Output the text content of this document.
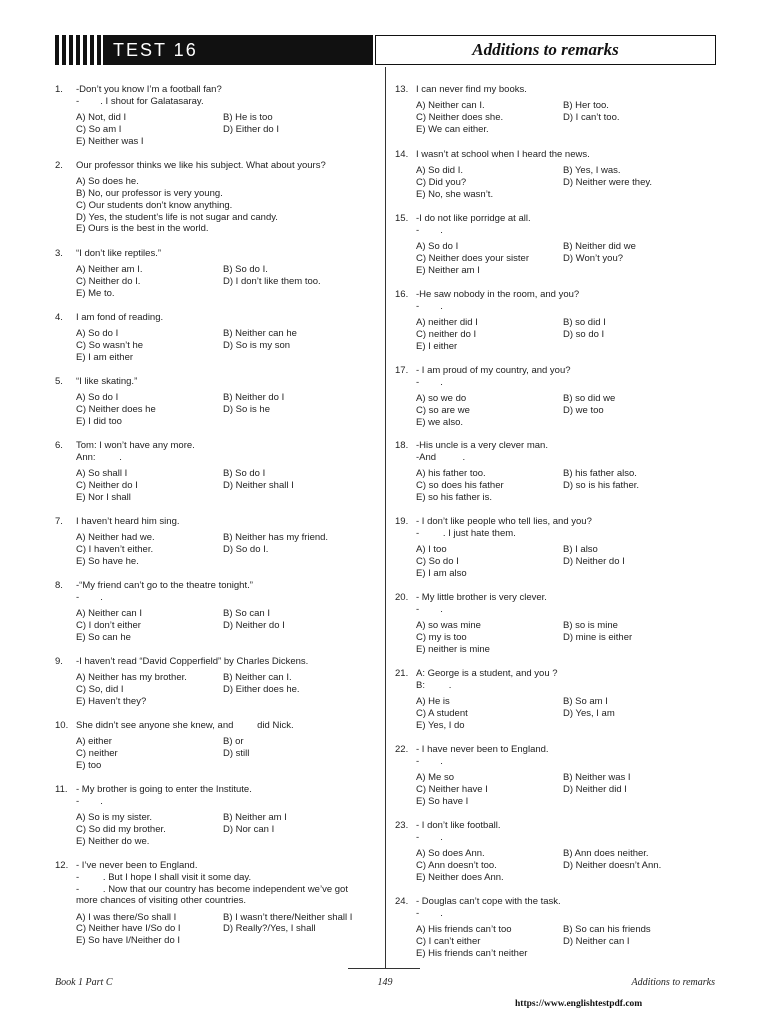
TEST 16	Additions to remarks
1. -Don’t you know I’m a football fan?
-        . I shout for Galatasaray.
A) Not, did I	B) He is too
C) So am I	D) Either do I
E) Neither was I
2. Our professor thinks we like his subject. What about yours?
A) So does he.
B) No, our professor is very young.
C) Our students don’t know anything.
D) Yes, the student’s life is not sugar and candy.
E) Ours is the best in the world.
3. “I don’t like reptiles.”
A) Neither am I.	B) So do I.
C) Neither do I.	D) I don’t like them too.
E) Me to.
4. I am fond of reading.
A) So do I	B) Neither can he
C) So wasn’t he	D) So is my son
E) I am either
5. “I like skating.”
A) So do I	B) Neither do I
C) Neither does he	D) So is he
E) I did too
6. Tom: I won’t have any more.
Ann:         .
A) So shall I	B) So do I
C) Neither do I	D) Neither shall I
E) Nor I shall
7. I haven’t heard him sing.
A) Neither had we.	B) Neither has my friend.
C) I haven’t either.	D) So do I.
E) So have he.
8. -“My friend can’t go to the theatre tonight.”
-        .
A) Neither can I	B) So can I
C) I don’t either	D) Neither do I
E) So can he
9. -I haven’t read “David Copperfield” by Charles Dickens.
A) Neither has my brother.	B) Neither can I.
C) So, did I	D) Either does he.
E) Haven’t they?
10. She didn’t see anyone she knew, and         did Nick.
A) either	B) or
C) neither	D) still
E) too
11. - My brother is going to enter the Institute.
-        .
A) So is my sister.	B) Neither am I
C) So did my brother.	D) Nor can I
E) Neither do we.
12. - I’ve never been to England.
-         . But I hope I shall visit it some day.
-         . Now that our country has become independent we’ve got
more chances of visiting other countries.
A) I was there/So shall I	B) I wasn’t there/Neither shall I
C) Neither have I/So do I	D) Really?/Yes, I shall
E) So have I/Neither do I
13. I can never find my books.
A) Neither can I.	B) Her too.
C) Neither does she.	D) I can’t too.
E) We can either.
14. I wasn’t at school when I heard the news.
A) So did I.	B) Yes, I was.
C) Did you?	D) Neither were they.
E) No, she wasn’t.
15. -I do not like porridge at all.
-        .
A) So do I	B) Neither did we
C) Neither does your sister	D) Won’t you?
E) Neither am I
16. -He saw nobody in the room, and you?
-        .
A) neither did I	B) so did I
C) neither do I	D) so do I
E) I either
17. - I am proud of my country, and you?
-        .
A) so we do	B) so did we
C) so are we	D) we too
E) we also.
18. -His uncle is a very clever man.
-And          .
A) his father too.	B) his father also.
C) so does his father	D) so is his father.
E) so his father is.
19. - I don’t like people who tell lies, and you?
-         . I just hate them.
A) I too	B) I also
C) So do I	D) Neither do I
E) I am also
20. - My little brother is very clever.
-        .
A) so was mine	B) so is mine
C) my is too	D) mine is either
E) neither is mine
21. A: George is a student, and you ?
B:         .
A) He is	B) So am I
C) A student	D) Yes, I am
E) Yes, I do
22. - I have never been to England.
-        .
A) Me so	B) Neither was I
C) Neither have I	D) Neither did I
E) So have I
23. - I don’t like football.
-        .
A) So does Ann.	B) Ann does neither.
C) Ann doesn’t too.	D) Neither doesn’t Ann.
E) Neither does Ann.
24. - Douglas can’t cope with the task.
-        .
A) His friends can’t too	B) So can his friends
C) I can’t either	D) Neither can I
E) His friends can’t neither
Book 1 Part C	149	Additions to remarks
https://www.englishtestpdf.com
